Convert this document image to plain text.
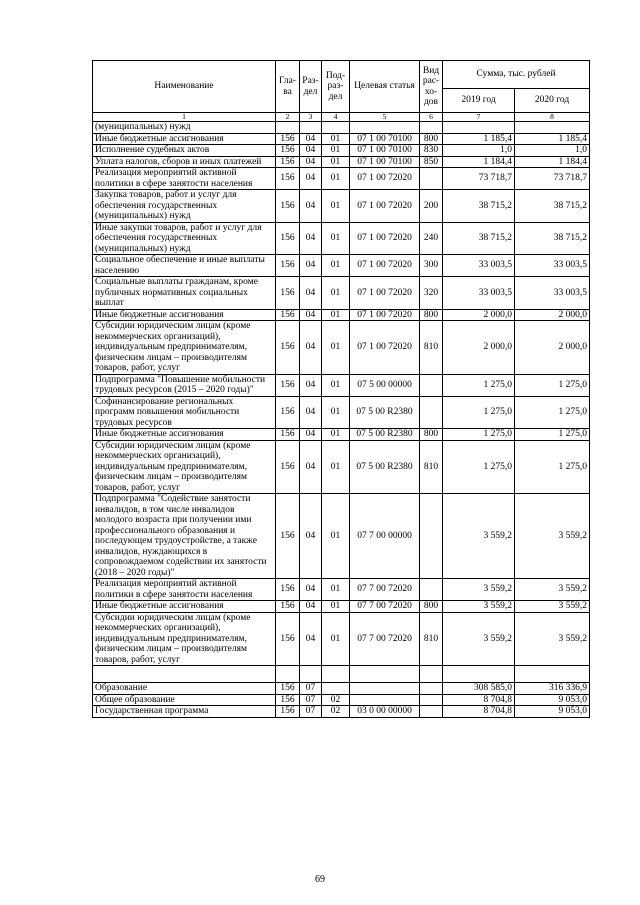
Наименование	Гла-ва	Раз-дел	Под-раз-дел	Целевая статья	Вид рас-хо-дов	Сумма, тыс. рублей	
						2019 год	2020 год
1	2	3	4	5	6	7	8
(муниципальных) нужд							
Иные бюджетные ассигнования	156	04	01	07 1 00 70100	800	1 185,4	1 185,4
Исполнение судебных актов	156	04	01	07 1 00 70100	830	1,0	1,0
Уплата налогов, сборов и иных платежей	156	04	01	07 1 00 70100	850	1 184,4	1 184,4
Реализация мероприятий активной политики в сфере занятости населения	156	04	01	07 1 00 72020		73 718,7	73 718,7
Закупка товаров, работ и услуг для обеспечения государственных (муниципальных) нужд	156	04	01	07 1 00 72020	200	38 715,2	38 715,2
Иные закупки товаров, работ и услуг для обеспечения государственных (муниципальных) нужд	156	04	01	07 1 00 72020	240	38 715,2	38 715,2
Социальное обеспечение и иные выплаты населению	156	04	01	07 1 00 72020	300	33 003,5	33 003,5
Социальные выплаты гражданам, кроме публичных нормативных социальных выплат	156	04	01	07 1 00 72020	320	33 003,5	33 003,5
Иные бюджетные ассигнования	156	04	01	07 1 00 72020	800	2 000,0	2 000,0
Субсидии юридическим лицам (кроме некоммерческих организаций), индивидуальным предпринимателям, физическим лицам – производителям товаров, работ, услуг	156	04	01	07 1 00 72020	810	2 000,0	2 000,0
Подпрограмма "Повышение мобильности трудовых ресурсов (2015 – 2020 годы)"	156	04	01	07 5 00 00000		1 275,0	1 275,0
Софинансирование региональных программ повышения мобильности трудовых ресурсов	156	04	01	07 5 00 R2380		1 275,0	1 275,0
Иные бюджетные ассигнования	156	04	01	07 5 00 R2380	800	1 275,0	1 275,0
Субсидии юридическим лицам (кроме некоммерческих организаций), индивидуальным предпринимателям, физическим лицам – производителям товаров, работ, услуг	156	04	01	07 5 00 R2380	810	1 275,0	1 275,0
Подпрограмма "Содействие занятости инвалидов, в том числе инвалидов молодого возраста при получении ими профессионального образования и последующем трудоустройстве, а также инвалидов, нуждающихся в сопровождаемом содействии их занятости (2018 – 2020 годы)"	156	04	01	07 7 00 00000		3 559,2	3 559,2
Реализация мероприятий активной политики в сфере занятости населения	156	04	01	07 7 00 72020		3 559,2	3 559,2
Иные бюджетные ассигнования	156	04	01	07 7 00 72020	800	3 559,2	3 559,2
Субсидии юридическим лицам (кроме некоммерческих организаций), индивидуальным предпринимателям, физическим лицам – производителям товаров, работ, услуг	156	04	01	07 7 00 72020	810	3 559,2	3 559,2

Образование	156	07				308 585,0	316 336,9
Общее образование	156	07	02			8 704,8	9 053,0
Государственная программа	156	07	02	03 0 00 00000		8 704,8	9 053,0
69
